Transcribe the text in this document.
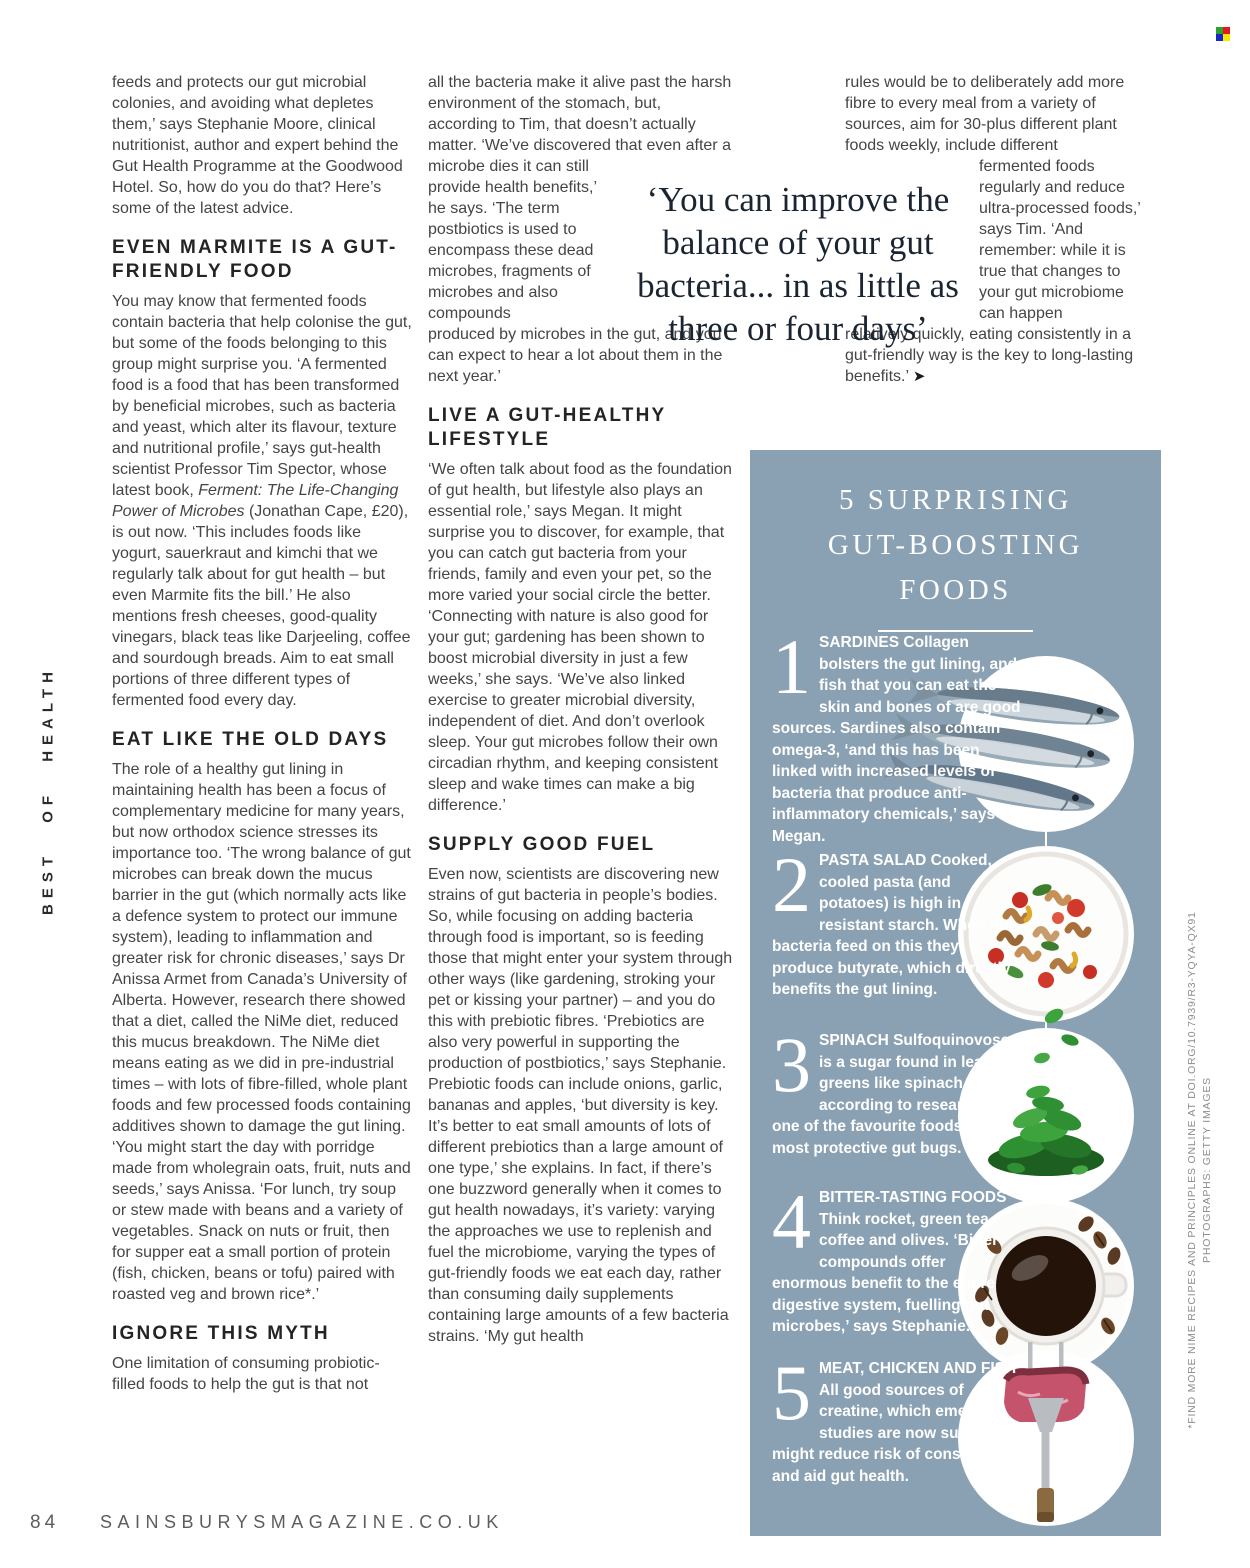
BEST OF HEALTH
*FIND MORE NIME RECIPES AND PRINCIPLES ONLINE AT DOI.ORG/10.7939/R3-YQYA-QX91 PHOTOGRAPHS: GETTY IMAGES

feeds and protects our gut microbial colonies, and avoiding what depletes them,’ says Stephanie Moore, clinical nutritionist, author and expert behind the Gut Health Programme at the Goodwood Hotel. So, how do you do that? Here’s some of the latest advice.

EVEN MARMITE IS A GUT-FRIENDLY FOOD

You may know that fermented foods contain bacteria that help colonise the gut, but some of the foods belonging to this group might surprise you. ‘A fermented food is a food that has been transformed by beneficial microbes, such as bacteria and yeast, which alter its flavour, texture and nutritional profile,’ says gut-health scientist Professor Tim Spector, whose latest book, Ferment: The Life-Changing Power of Microbes (Jonathan Cape, £20), is out now. ‘This includes foods like yogurt, sauerkraut and kimchi that we regularly talk about for gut health – but even Marmite fits the bill.’ He also mentions fresh cheeses, good-quality vinegars, black teas like Darjeeling, coffee and sourdough breads. Aim to eat small portions of three different types of fermented food every day.

EAT LIKE THE OLD DAYS

The role of a healthy gut lining in maintaining health has been a focus of complementary medicine for many years, but now orthodox science stresses its importance too. ‘The wrong balance of gut microbes can break down the mucus barrier in the gut (which normally acts like a defence system to protect our immune system), leading to inflammation and greater risk for chronic diseases,’ says Dr Anissa Armet from Canada’s University of Alberta. However, research there showed that a diet, called the NiMe diet, reduced this mucus breakdown. The NiMe diet means eating as we did in pre-industrial times – with lots of fibre-filled, whole plant foods and few processed foods containing additives shown to damage the gut lining. ‘You might start the day with porridge made from wholegrain oats, fruit, nuts and seeds,’ says Anissa. ‘For lunch, try soup or stew made with beans and a variety of vegetables. Snack on nuts or fruit, then for supper eat a small portion of protein (fish, chicken, beans or tofu) paired with roasted veg and brown rice*.’

IGNORE THIS MYTH

One limitation of consuming probiotic-filled foods to help the gut is that not

all the bacteria make it alive past the harsh environment of the stomach, but, according to Tim, that doesn’t actually matter. ‘We’ve discovered that even after a

microbe dies it can still provide health benefits,’ he says. ‘The term postbiotics is used to encompass these dead microbes, fragments of microbes and also compounds

produced by microbes in the gut, and you can expect to hear a lot about them in the next year.’

LIVE A GUT-HEALTHY LIFESTYLE

‘We often talk about food as the foundation of gut health, but lifestyle also plays an essential role,’ says Megan. It might surprise you to discover, for example, that you can catch gut bacteria from your friends, family and even your pet, so the more varied your social circle the better. ‘Connecting with nature is also good for your gut; gardening has been shown to boost microbial diversity in just a few weeks,’ she says. ‘We’ve also linked exercise to greater microbial diversity, independent of diet. And don’t overlook sleep. Your gut microbes follow their own circadian rhythm, and keeping consistent sleep and wake times can make a big difference.’

SUPPLY GOOD FUEL

Even now, scientists are discovering new strains of gut bacteria in people’s bodies. So, while focusing on adding bacteria through food is important, so is feeding those that might enter your system through other ways (like gardening, stroking your pet or kissing your partner) – and you do this with prebiotic fibres. ‘Prebiotics are also very powerful in supporting the production of postbiotics,’ says Stephanie. Prebiotic foods can include onions, garlic, bananas and apples, ‘but diversity is key. It’s better to eat small amounts of lots of different prebiotics than a large amount of one type,’ she explains. In fact, if there’s one buzzword generally when it comes to gut health nowadays, it’s variety: varying the approaches we use to replenish and fuel the microbiome, varying the types of gut-friendly foods we eat each day, rather than consuming daily supplements containing large amounts of a few bacteria strains. ‘My gut health

rules would be to deliberately add more fibre to every meal from a variety of sources, aim for 30-plus different plant foods weekly, include different

fermented foods regularly and reduce ultra-processed foods,’ says Tim. ‘And remember: while it is true that changes to your gut microbiome can happen

relatively quickly, eating consistently in a gut-friendly way is the key to long-lasting benefits.’ ➤

‘You can improve the
balance of your gut
bacteria... in as little as
three or four days’
5 SURPRISING
GUT-BOOSTING
FOODS
1 SARDINES Collagen bolsters the gut lining, and fish that you can eat the skin and bones of are good sources. Sardines also contain omega-3, ‘and this has been linked with increased levels of bacteria that produce anti-inflammatory chemicals,’ says Megan.
2 PASTA SALAD Cooked, cooled pasta (and potatoes) is high in resistant starch. When gut bacteria feed on this they produce butyrate, which directly benefits the gut lining.
3 SPINACH Sulfoquinovose is a sugar found in leafy greens like spinach, and according to research it’s one of the favourite foods of our most protective gut bugs.
4 BITTER-TASTING FOODS Think rocket, green tea, coffee and olives. ‘Bitter compounds offer enormous benefit to the entire digestive system, fuelling gut microbes,’ says Stephanie.
5 MEAT, CHICKEN AND FISH All good sources of creatine, which emerging studies are now suggesting might reduce risk of constipation and aid gut health.
84 SAINSBURYSMAGAZINE.CO.UK
